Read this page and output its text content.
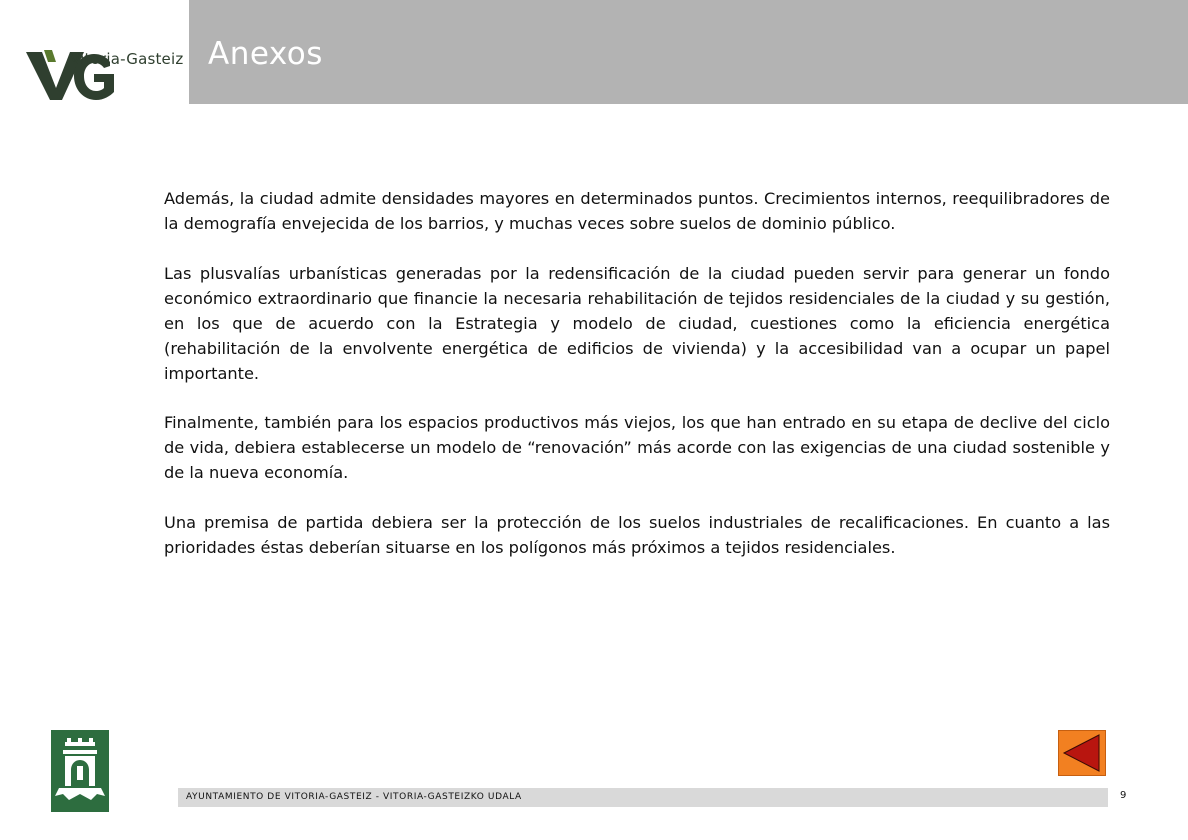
Vitoria-Gasteiz Anexos

Además, la ciudad admite densidades mayores en determinados puntos. Crecimientos internos, reequilibradores de la demografía envejecida de los barrios, y muchas veces sobre suelos de dominio público.

Las plusvalías urbanísticas generadas por la redensificación de la ciudad pueden servir para generar un fondo económico extraordinario que financie la necesaria rehabilitación de tejidos residenciales de la ciudad y su gestión, en los que de acuerdo con la Estrategia y modelo de ciudad, cuestiones como la eficiencia energética (rehabilitación de la envolvente energética de edificios de vivienda) y la accesibilidad van a ocupar un papel importante.

Finalmente, también para los espacios productivos más viejos, los que han entrado en su etapa de declive del ciclo de vida, debiera establecerse un modelo de “renovación” más acorde con las exigencias de una ciudad sostenible y de la nueva economía.

Una premisa de partida debiera ser la protección de los suelos industriales de recalificaciones. En cuanto a las prioridades éstas deberían situarse en los polígonos más próximos a tejidos residenciales.

AYUNTAMIENTO DE VITORIA-GASTEIZ - VITORIA-GASTEIZKO UDALA	9
